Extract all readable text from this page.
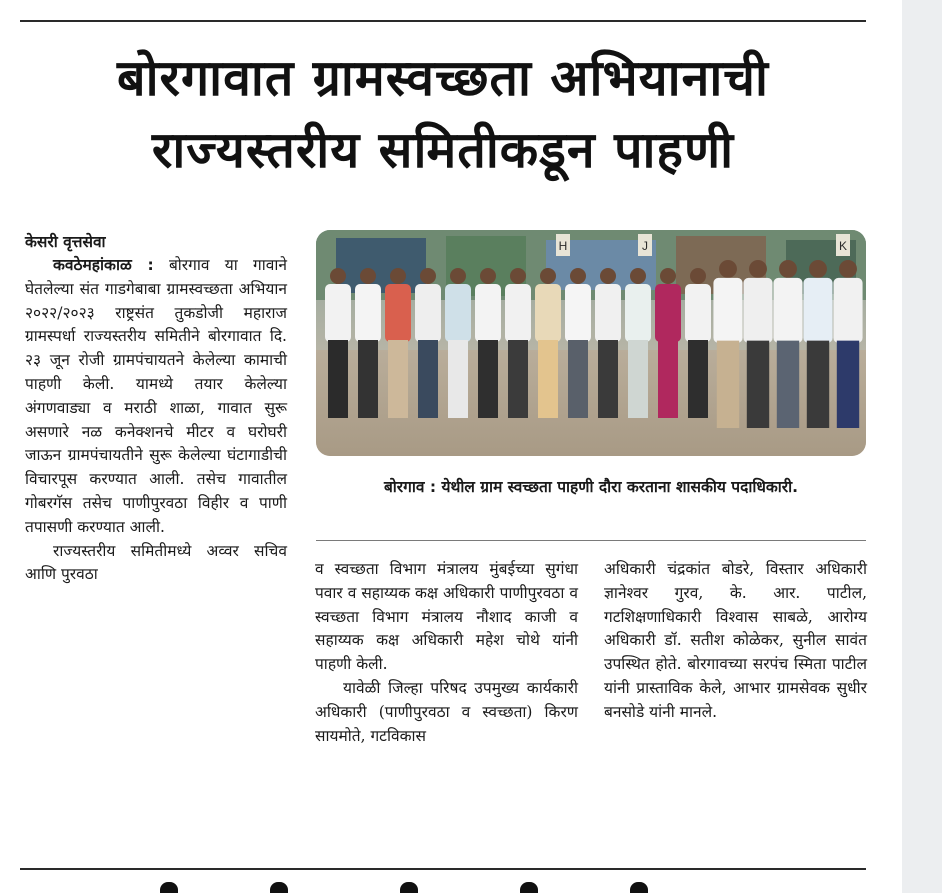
बोरगावात ग्रामस्वच्छता अभियानाची
राज्यस्तरीय समितीकडून पाहणी

केसरी वृत्तसेवा

कवठेमहांकाळ : बोरगाव या गावाने घेतलेल्या संत गाडगेबाबा ग्रामस्वच्छता अभियान २०२२/२०२३ राष्ट्रसंत तुकडोजी महाराज ग्रामस्पर्धा राज्यस्तरीय समितीने बोरगावात दि. २३ जून रोजी ग्रामपंचायतने केलेल्या कामाची पाहणी केली. यामध्ये तयार केलेल्या अंगणवाड्या व मराठी शाळा, गावात सुरू असणारे नळ कनेक्शनचे मीटर व घरोघरी जाऊन ग्रामपंचायतीने सुरू केलेल्या घंटागाडीची विचारपूस करण्यात आली. तसेच गावातील गोबरगॅस तसेच पाणीपुरवठा विहीर व पाणी तपासणी करण्यात आली.

राज्यस्तरीय समितीमध्ये अव्वर सचिव आणि पुरवठा

H	J	K

बोरगाव : येथील ग्राम स्वच्छता पाहणी दौरा करताना शासकीय पदाधिकारी.

व स्वच्छता विभाग मंत्रालय मुंबईच्या सुगंधा पवार व सहाय्यक कक्ष अधिकारी पाणीपुरवठा व स्वच्छता विभाग मंत्रालय नौशाद काजी व सहाय्यक कक्ष अधिकारी महेश चोथे यांनी पाहणी केली.

यावेळी जिल्हा परिषद उपमुख्य कार्यकारी अधिकारी (पाणीपुरवठा व स्वच्छता) किरण सायमोते, गटविकास

अधिकारी चंद्रकांत बोडरे, विस्तार अधिकारी ज्ञानेश्वर गुरव, के. आर. पाटील, गटशिक्षणाधिकारी विश्वास साबळे, आरोग्य अधिकारी डॉ. सतीश कोळेकर, सुनील सावंत उपस्थित होते. बोरगावच्या सरपंच स्मिता पाटील यांनी प्रास्ताविक केले, आभार ग्रामसेवक सुधीर बनसोडे यांनी मानले.
